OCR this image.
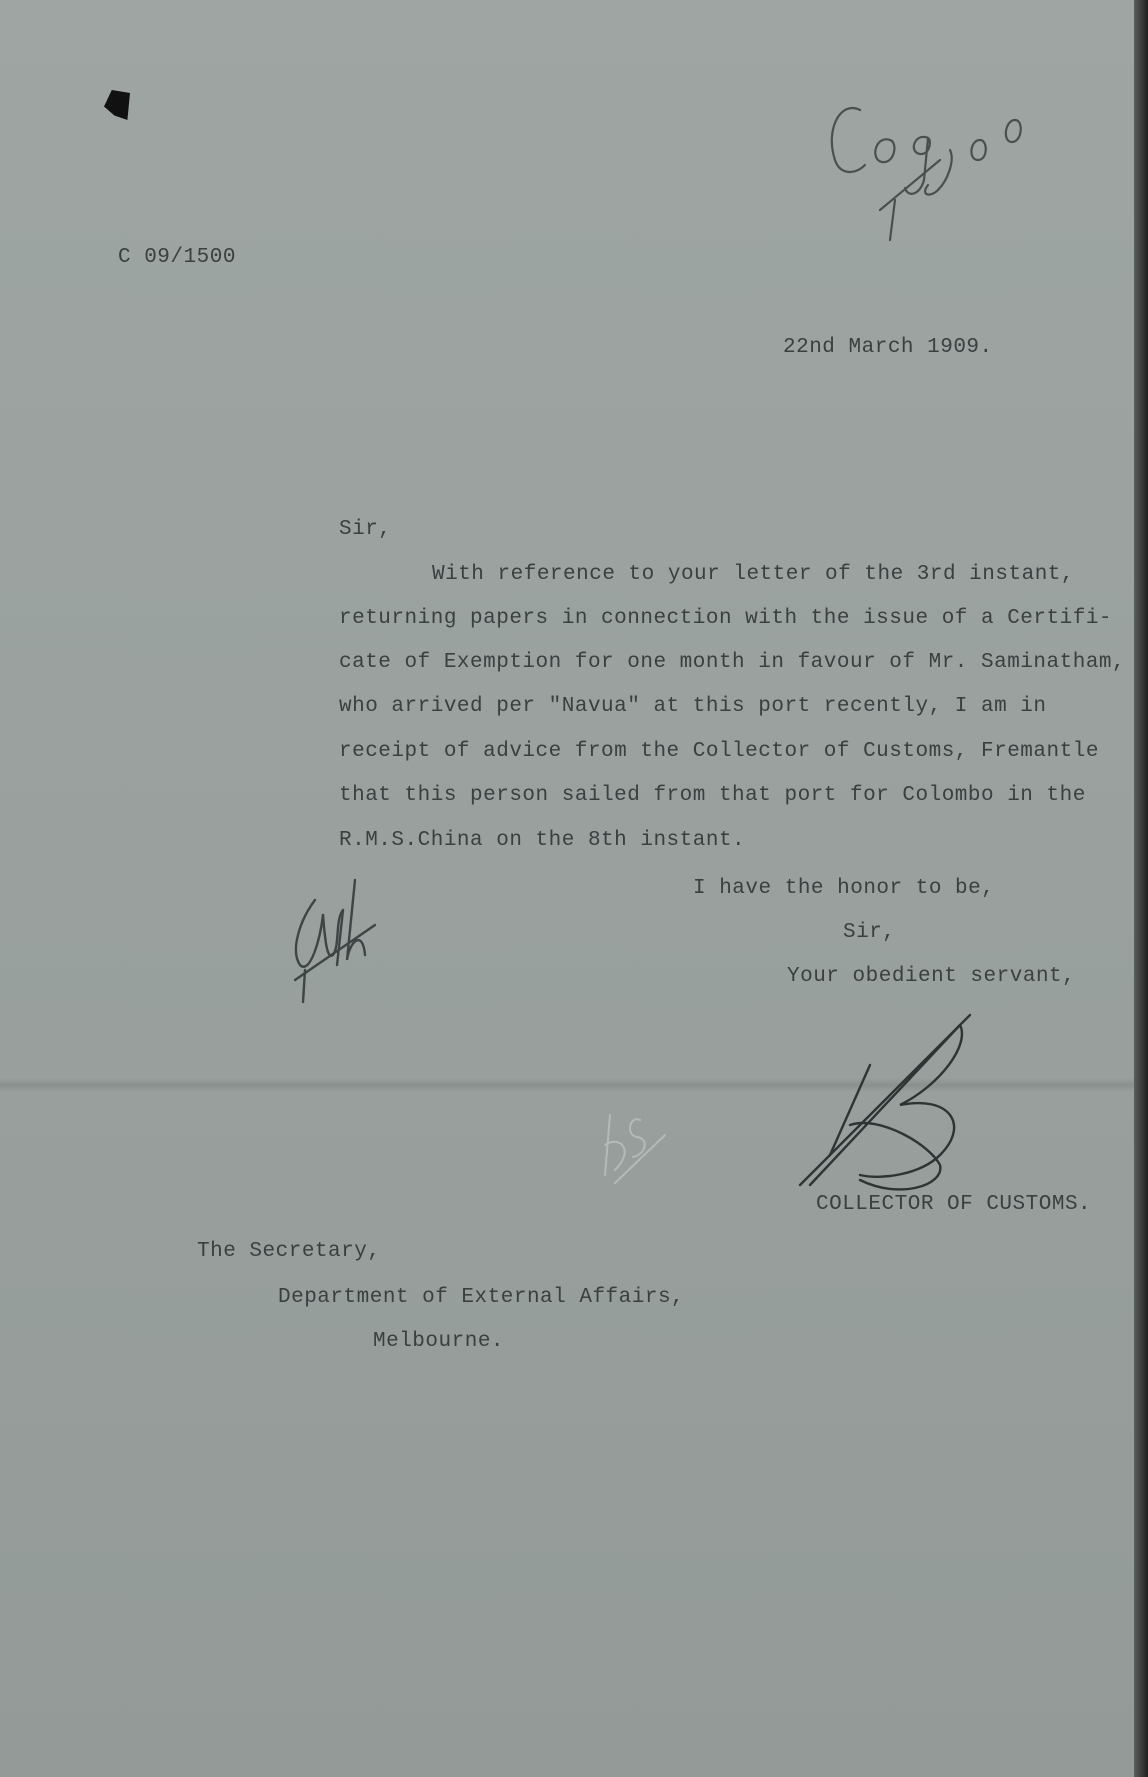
C 09/1500
22nd March 1909.
Sir,
With reference to your letter of the 3rd instant,
returning papers in connection with the issue of a Certifi-
cate of Exemption for one month in favour of Mr. Saminatham,
who arrived per "Navua" at this port recently, I am in
receipt of advice from the Collector of Customs, Fremantle
that this person sailed from that port for Colombo in the
R.M.S.China on the 8th instant.
I have the honor to be,
Sir,
Your obedient servant,
COLLECTOR OF CUSTOMS.
The Secretary,
Department of External Affairs,
Melbourne.
